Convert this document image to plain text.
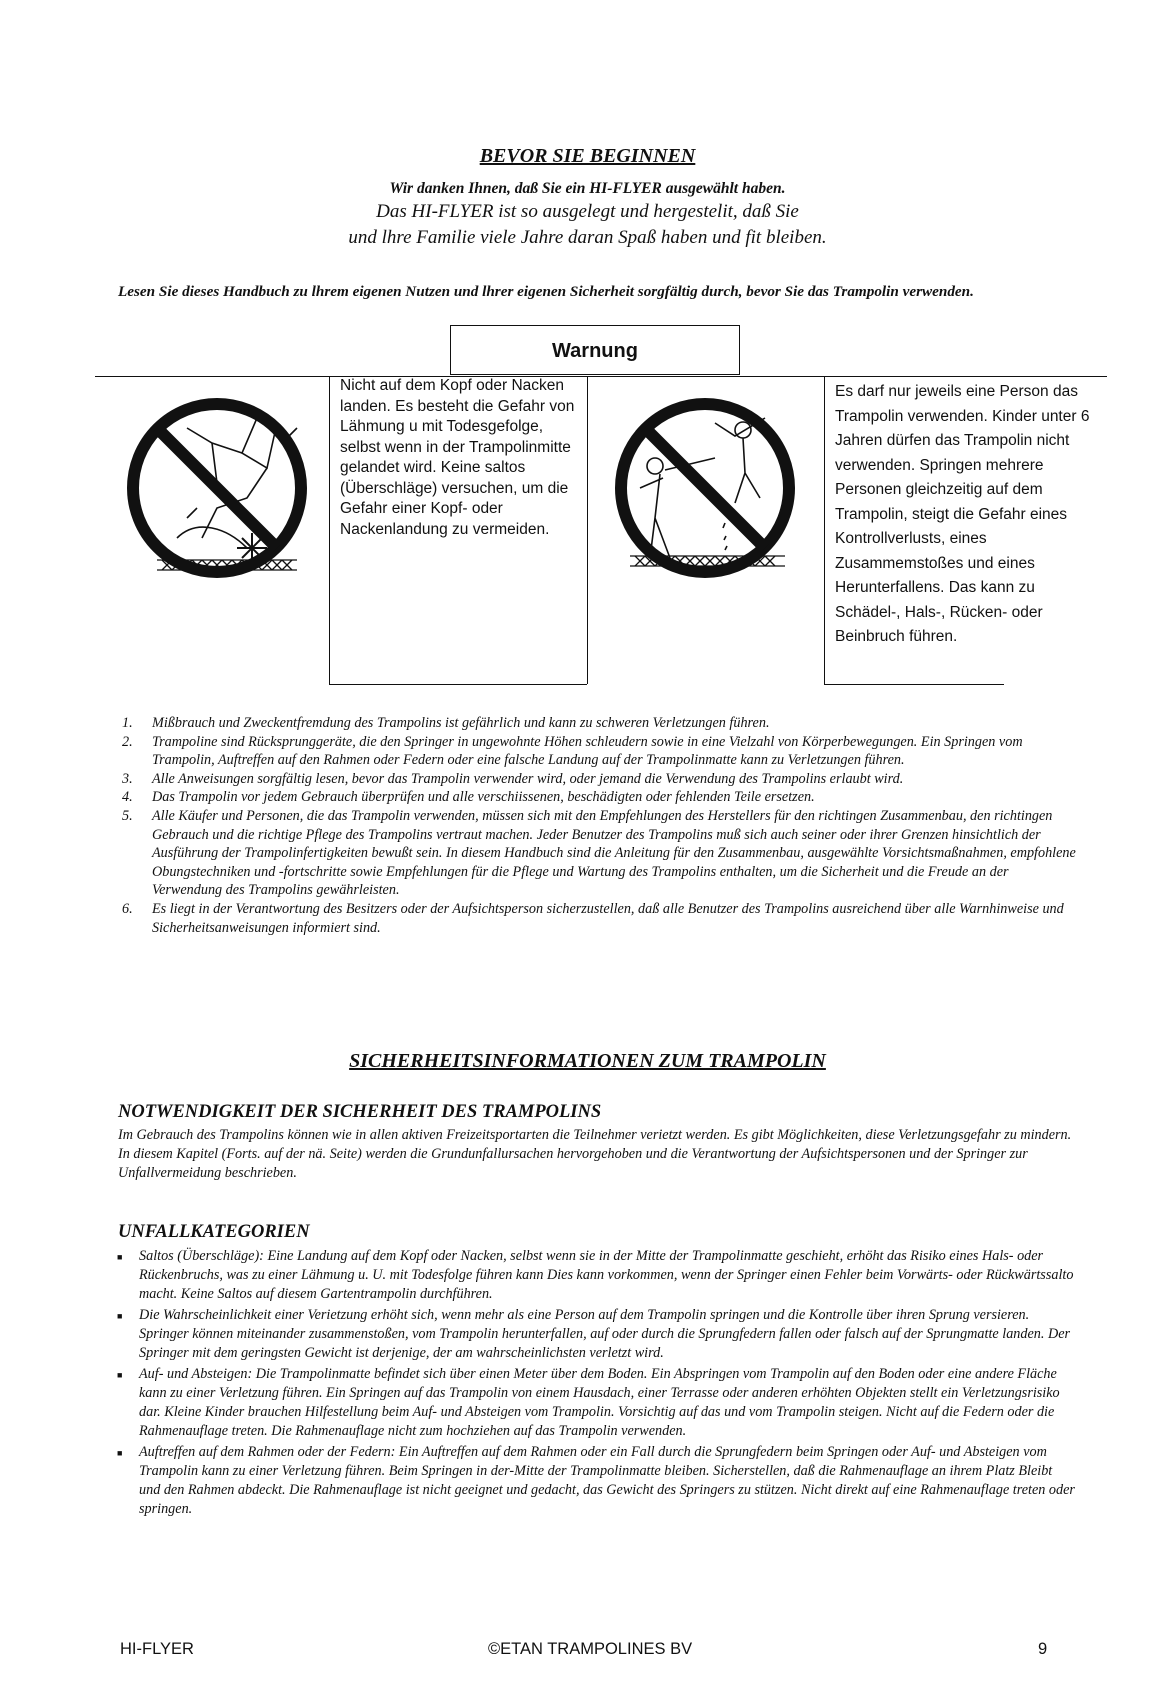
BEVOR SIE BEGINNEN
Wir danken Ihnen, daß Sie ein HI-FLYER ausgewählt haben.
Das HI-FLYER ist so ausgelegt und hergestelit, daß Sie
und lhre Familie viele Jahre daran Spaß haben und fit bleiben.
Lesen Sie dieses Handbuch zu lhrem eigenen Nutzen und lhrer eigenen Sicherheit sorgfältig durch, bevor Sie das Trampolin verwenden.
Warnung
Nicht auf dem Kopf oder Nacken landen. Es besteht die Gefahr von Lähmung u mit Todesgefolge, selbst wenn in der Trampolinmitte gelandet wird. Keine saltos (Überschläge) versuchen, um die Gefahr einer Kopf- oder Nackenlandung zu vermeiden.
Es darf nur jeweils eine Person das Trampolin verwenden. Kinder unter 6 Jahren dürfen das Trampolin nicht verwenden. Springen mehrere Personen gleichzeitig auf dem Trampolin, steigt die Gefahr eines Kontrollverlusts, eines Zusammemstoßes und eines Herunterfallens. Das kann zu Schädel-, Hals-, Rücken- oder Beinbruch führen.
1.	Mißbrauch und Zweckentfremdung des Trampolins ist gefährlich und kann zu schweren Verletzungen führen.
2.	Trampoline sind Rücksprunggeräte, die den Springer in ungewohnte Höhen schleudern sowie in eine Vielzahl von Körperbewegungen. Ein Springen vom Trampolin, Auftreffen auf den Rahmen oder Federn oder eine falsche Landung auf der Trampolinmatte kann zu Verletzungen führen.
3.	Alle Anweisungen sorgfältig lesen, bevor das Trampolin verwender wird, oder jemand die Verwendung des Trampolins erlaubt wird.
4.	Das Trampolin vor jedem Gebrauch überprüfen und alle verschiissenen, beschädigten oder fehlenden Teile ersetzen.
5.	Alle Käufer und Personen, die das Trampolin verwenden, müssen sich mit den Empfehlungen des Herstellers für den richtingen Zusammenbau, den richtingen Gebrauch und die richtige Pflege des Trampolins vertraut machen. Jeder Benutzer des Trampolins muß sich auch seiner oder ihrer Grenzen hinsichtlich der Ausführung der Trampolinfertigkeiten bewußt sein. In diesem Handbuch sind die Anleitung für den Zusammenbau, ausgewählte Vorsichtsmaßnahmen, empfohlene Obungstechniken und -fortschritte sowie Empfehlungen für die Pflege und Wartung des Trampolins enthalten, um die Sicherheit und die Freude an der Verwendung des Trampolins gewährleisten.
6.	Es liegt in der Verantwortung des Besitzers oder der Aufsichtsperson sicherzustellen, daß alle Benutzer des Trampolins ausreichend über alle Warnhinweise und Sicherheitsanweisungen informiert sind.
SICHERHEITSINFORMATIONEN ZUM TRAMPOLIN
NOTWENDIGKEIT DER SICHERHEIT DES TRAMPOLINS
Im Gebrauch des Trampolins können wie in allen aktiven Freizeitsportarten die Teilnehmer verietzt werden. Es gibt Möglichkeiten, diese Verletzungsgefahr zu mindern. In diesem Kapitel (Forts. auf der nä. Seite) werden die Grundunfallursachen hervorgehoben und die Verantwortung der Aufsichtspersonen und der Springer zur Unfallvermeidung beschrieben.
UNFALLKATEGORIEN
■	Saltos (Überschläge): Eine Landung auf dem Kopf oder Nacken, selbst wenn sie in der Mitte der Trampolinmatte geschieht, erhöht das Risiko eines Hals- oder Rückenbruchs, was zu einer Lähmung u. U. mit Todesfolge führen kann Dies kann vorkommen, wenn der Springer einen Fehler beim Vorwärts- oder Rückwärtssalto macht. Keine Saltos auf diesem Gartentrampolin durchführen.
■	Die Wahrscheinlichkeit einer Verietzung erhöht sich, wenn mehr als eine Person auf dem Trampolin springen und die Kontrolle über ihren Sprung versieren. Springer können miteinander zusammenstoßen, vom Trampolin herunterfallen, auf oder durch die Sprungfedern fallen oder falsch auf der Sprungmatte landen. Der Springer mit dem geringsten Gewicht ist derjenige, der am wahrscheinlichsten verletzt wird.
■	Auf- und Absteigen: Die Trampolinmatte befindet sich über einen Meter über dem Boden. Ein Abspringen vom Trampolin auf den Boden oder eine andere Fläche kann zu einer Verletzung führen. Ein Springen auf das Trampolin von einem Hausdach, einer Terrasse oder anderen erhöhten Objekten stellt ein Verletzungsrisiko dar. Kleine Kinder brauchen Hilfestellung beim Auf- und Absteigen vom Trampolin. Vorsichtig auf das und vom Trampolin steigen. Nicht auf die Federn oder die Rahmenauflage treten. Die Rahmenauflage nicht zum hochziehen auf das Trampolin verwenden.
■	Auftreffen auf dem Rahmen oder der Federn: Ein Auftreffen auf dem Rahmen oder ein Fall durch die Sprungfedern beim Springen oder Auf- und Absteigen vom Trampolin kann zu einer Verletzung führen. Beim Springen in der-Mitte der Trampolinmatte bleiben. Sicherstellen, daß die Rahmenauflage an ihrem Platz Bleibt und den Rahmen abdeckt. Die Rahmenauflage ist nicht geeignet und gedacht, das Gewicht des Springers zu stützen. Nicht direkt auf eine Rahmenauflage treten oder springen.
HI-FLYER	©ETAN TRAMPOLINES BV	9
